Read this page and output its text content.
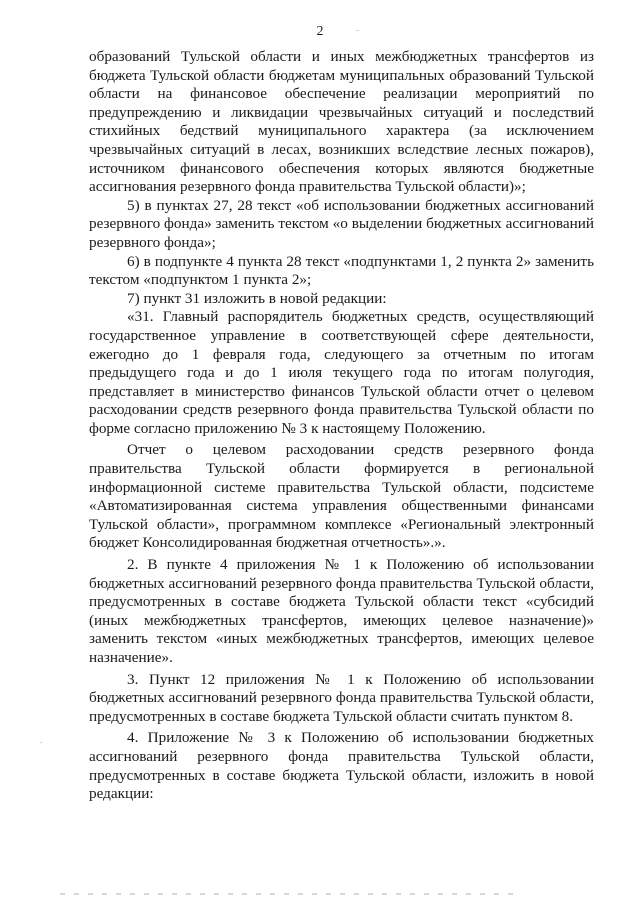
2

образований Тульской области и иных межбюджетных трансфертов из бюджета Тульской области бюджетам муниципальных образований Тульской области на финансовое обеспечение реализации мероприятий по предупреждению и ликвидации чрезвычайных ситуаций и последствий стихийных бедствий муниципального характера (за исключением чрезвычайных ситуаций в лесах, возникших вследствие лесных пожаров), источником финансового обеспечения которых являются бюджетные ассигнования резервного фонда правительства Тульской области)»;

5) в пунктах 27, 28 текст «об использовании бюджетных ассигнований резервного фонда» заменить текстом «о выделении бюджетных ассигнований резервного фонда»;

6) в подпункте 4 пункта 28 текст «подпунктами 1, 2 пункта 2» заменить текстом «подпунктом 1 пункта 2»;

7) пункт 31 изложить в новой редакции:

«31. Главный распорядитель бюджетных средств, осуществляющий государственное управление в соответствующей сфере деятельности, ежегодно до 1 февраля года, следующего за отчетным по итогам предыдущего года и до 1 июля текущего года по итогам полугодия, представляет в министерство финансов Тульской области отчет о целевом расходовании средств резервного фонда правительства Тульской области по форме согласно приложению № 3 к настоящему Положению.

Отчет о целевом расходовании средств резервного фонда правительства Тульской области формируется в региональной информационной системе правительства Тульской области, подсистеме «Автоматизированная система управления общественными финансами Тульской области», программном комплексе «Региональный электронный бюджет Консолидированная бюджетная отчетность».».

2. В пункте 4 приложения № 1 к Положению об использовании бюджетных ассигнований резервного фонда правительства Тульской области, предусмотренных в составе бюджета Тульской области текст «субсидий (иных межбюджетных трансфертов, имеющих целевое назначение)» заменить текстом «иных межбюджетных трансфертов, имеющих целевое назначение».

3. Пункт 12 приложения № 1 к Положению об использовании бюджетных ассигнований резервного фонда правительства Тульской области, предусмотренных в составе бюджета Тульской области считать пунктом 8.

4. Приложение № 3 к Положению об использовании бюджетных ассигнований резервного фонда правительства Тульской области, предусмотренных в составе бюджета Тульской области, изложить в новой редакции:
